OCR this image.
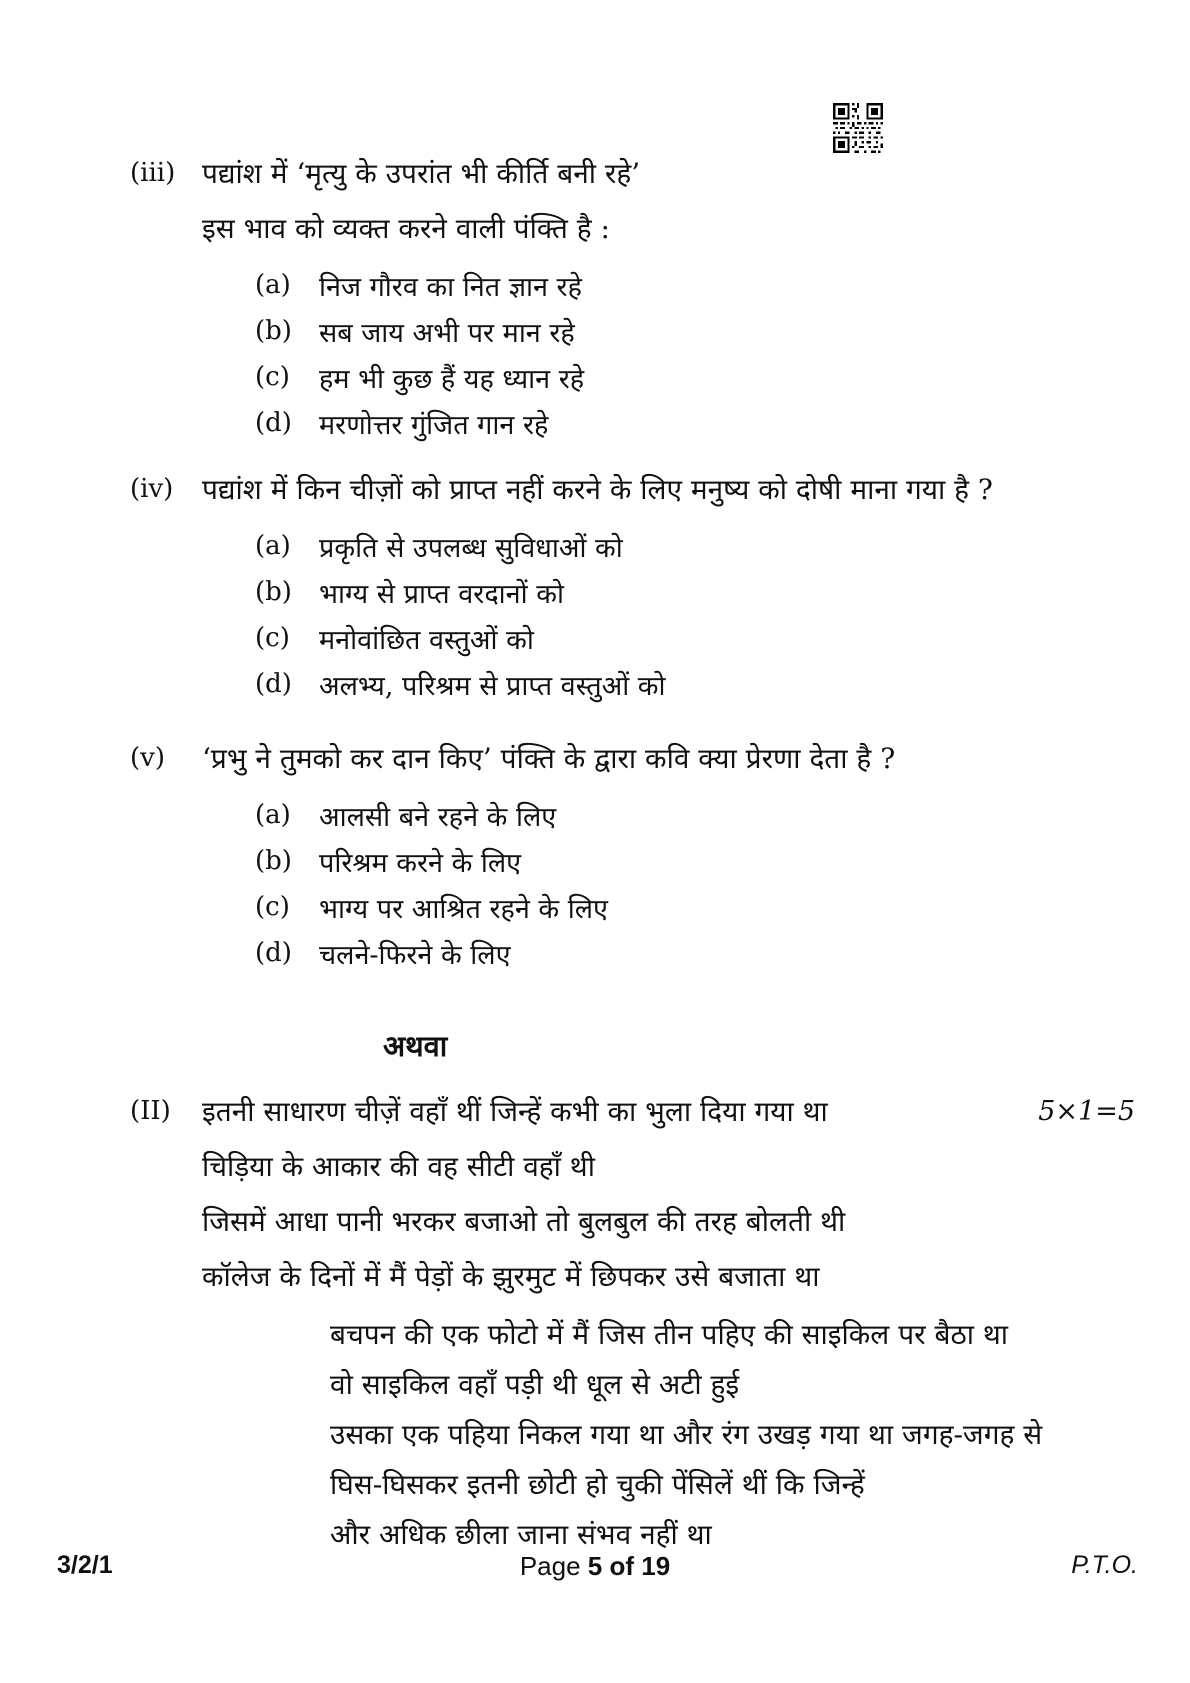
(iii) पद्यांश में ‘मृत्यु के उपरांत भी कीर्ति बनी रहे’
इस भाव को व्यक्त करने वाली पंक्ति है :
(a)	निज गौरव का नित ज्ञान रहे
(b)	सब जाय अभी पर मान रहे
(c)	हम भी कुछ हैं यह ध्यान रहे
(d)	मरणोत्तर गुंजित गान रहे
(iv)	पद्यांश में किन चीज़ों को प्राप्त नहीं करने के लिए मनुष्य को दोषी माना गया है ?
(a)	प्रकृति से उपलब्ध सुविधाओं को
(b)	भाग्य से प्राप्त वरदानों को
(c)	मनोवांछित वस्तुओं को
(d)	अलभ्य, परिश्रम से प्राप्त वस्तुओं को
(v)	‘प्रभु ने तुमको कर दान किए’ पंक्ति के द्वारा कवि क्या प्रेरणा देता है ?
(a)	आलसी बने रहने के लिए
(b)	परिश्रम करने के लिए
(c)	भाग्य पर आश्रित रहने के लिए
(d)	चलने-फिरने के लिए
अथवा
(II)	इतनी साधारण चीज़ें वहाँ थीं जिन्हें कभी का भुला दिया गया था	5×1=5
चिड़िया के आकार की वह सीटी वहाँ थी
जिसमें आधा पानी भरकर बजाओ तो बुलबुल की तरह बोलती थी
कॉलेज के दिनों में मैं पेड़ों के झुरमुट में छिपकर उसे बजाता था
बचपन की एक फोटो में मैं जिस तीन पहिए की साइकिल पर बैठा था
वो साइकिल वहाँ पड़ी थी धूल से अटी हुई
उसका एक पहिया निकल गया था और रंग उखड़ गया था जगह-जगह से
घिस-घिसकर इतनी छोटी हो चुकी पेंसिलें थीं कि जिन्हें
और अधिक छीला जाना संभव नहीं था
3/2/1	Page 5 of 19	P.T.O.
